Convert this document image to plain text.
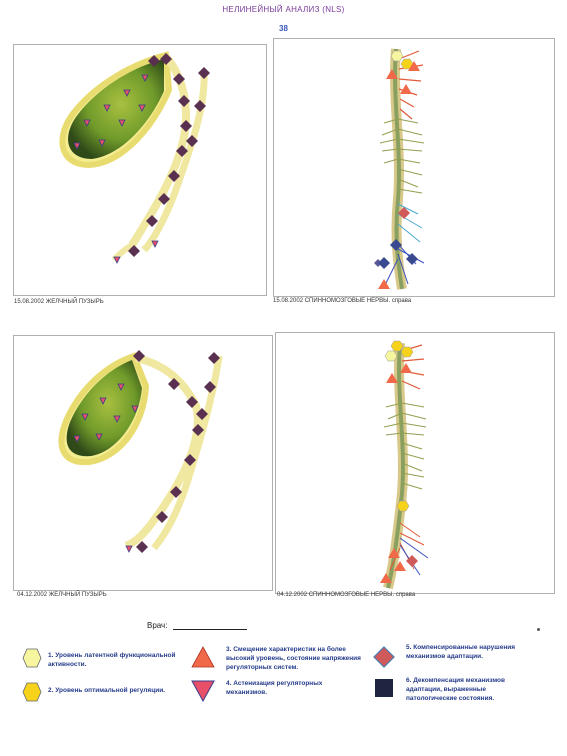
НЕЛИНЕЙНЫЙ АНАЛИЗ (NLS)
38
15.08.2002 ЖЕЛЧНЫЙ ПУЗЫРЬ	15.08.2002 СПИННОМОЗГОВЫЕ НЕРВЫ. справа
04.12.2002 ЖЕЛЧНЫЙ ПУЗЫРЬ	04.12.2002 СПИННОМОЗГОВЫЕ НЕРВЫ. справа
Врач:
1. Уровень латентной функциональной активности.
2. Уровень оптимальной регуляции.
3. Смещение характеристик на более высокий уровень, состояние напряжения регуляторных систем.
4. Астенизация регуляторных механизмов.
5. Компенсированные нарушения механизмов адаптации.
6. Декомпенсация механизмов адаптации, выраженные патологические состояния.
